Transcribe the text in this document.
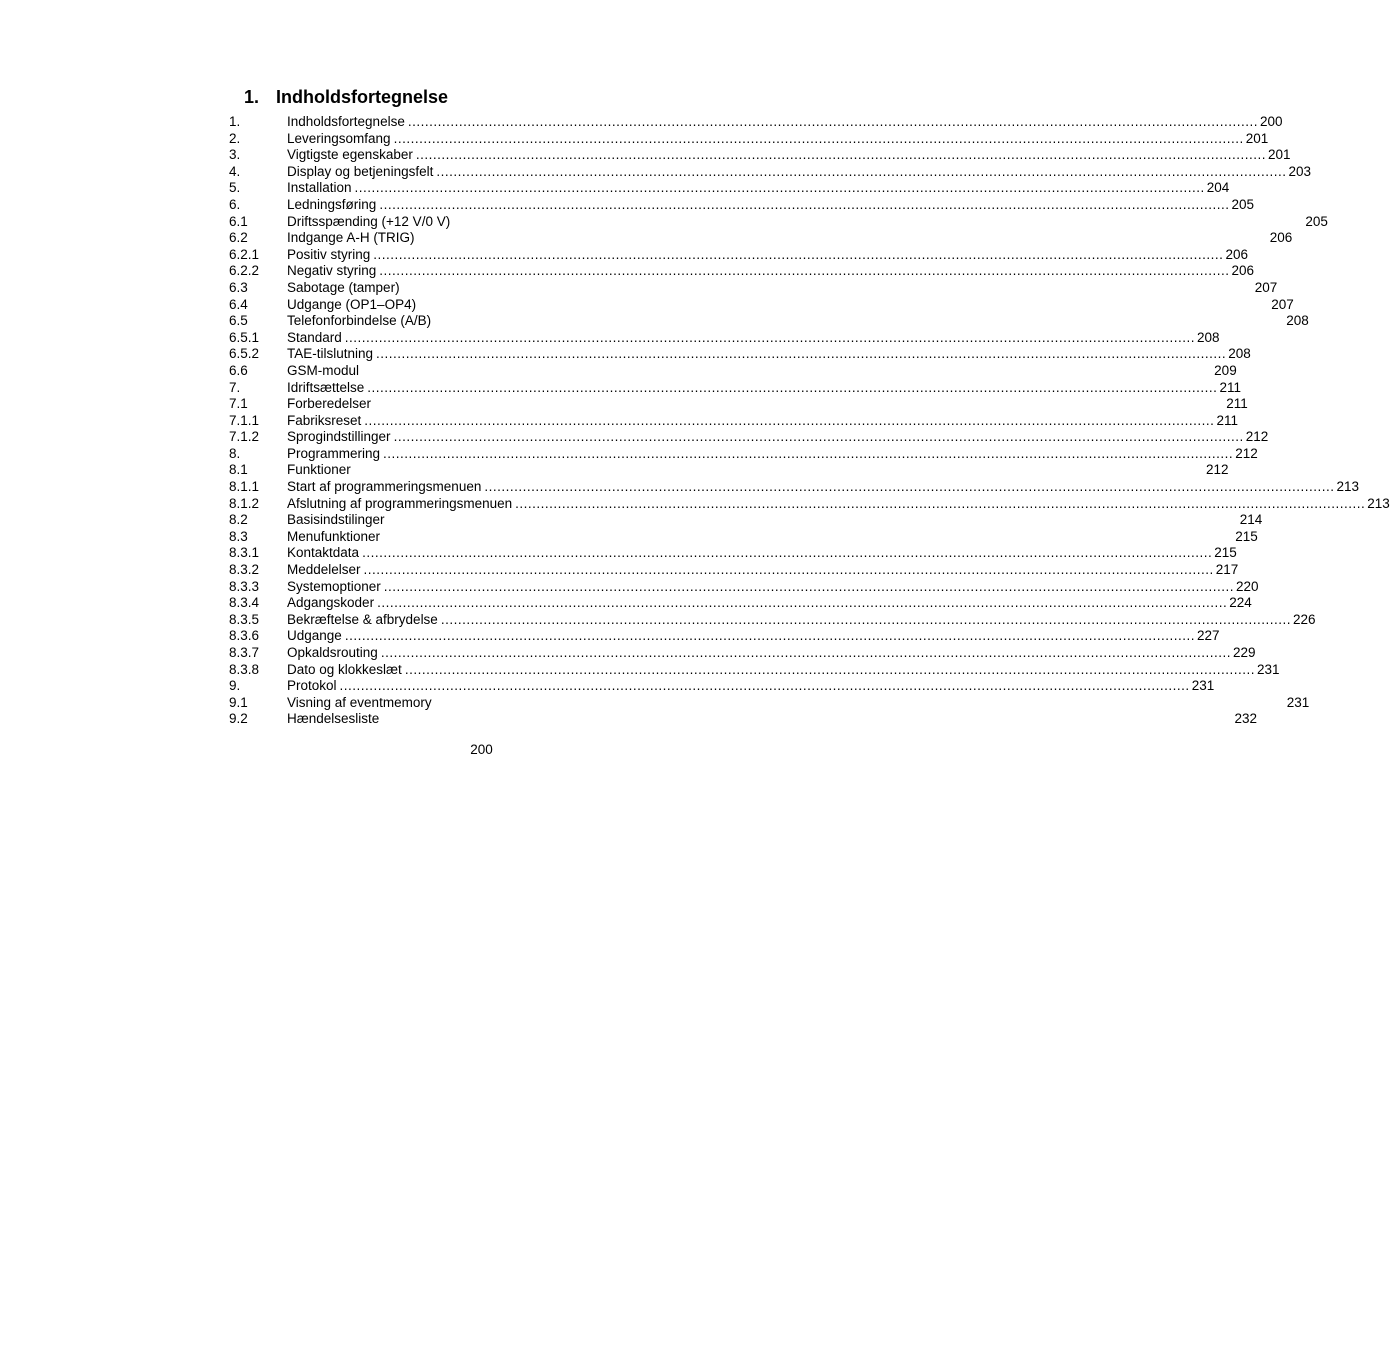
1. Indholdsfortegnelse
1.	Indholdsfortegnelse ........................................................................................................................................................................................................ 200
2.	Leveringsomfang ........................................................................................................................................................................................................ 201
3.	Vigtigste egenskaber ........................................................................................................................................................................................................ 201
4.	Display og betjeningsfelt ........................................................................................................................................................................................................ 203
5.	Installation ........................................................................................................................................................................................................ 204
6.	Ledningsføring ........................................................................................................................................................................................................ 205
6.1	Driftsspænding (+12 V/0 V)	205
6.2	Indgange A-H (TRIG)	206
6.2.1	Positiv styring ........................................................................................................................................................................................................ 206
6.2.2	Negativ styring ........................................................................................................................................................................................................ 206
6.3	Sabotage (tamper)	207
6.4	Udgange (OP1–OP4)	207
6.5	Telefonforbindelse (A/B)	208
6.5.1	Standard ........................................................................................................................................................................................................ 208
6.5.2	TAE-tilslutning ........................................................................................................................................................................................................ 208
6.6	GSM-modul	209
7.	Idriftsættelse ........................................................................................................................................................................................................ 211
7.1	Forberedelser	211
7.1.1	Fabriksreset ........................................................................................................................................................................................................ 211
7.1.2	Sprogindstillinger ........................................................................................................................................................................................................ 212
8.	Programmering ........................................................................................................................................................................................................ 212
8.1	Funktioner	212
8.1.1	Start af programmeringsmenuen ........................................................................................................................................................................................................ 213
8.1.2	Afslutning af programmeringsmenuen ........................................................................................................................................................................................................ 213
8.2	Basisindstilinger	214
8.3	Menufunktioner	215
8.3.1	Kontaktdata ........................................................................................................................................................................................................ 215
8.3.2	Meddelelser ........................................................................................................................................................................................................ 217
8.3.3	Systemoptioner ........................................................................................................................................................................................................ 220
8.3.4	Adgangskoder ........................................................................................................................................................................................................ 224
8.3.5	Bekræftelse & afbrydelse ........................................................................................................................................................................................................ 226
8.3.6	Udgange ........................................................................................................................................................................................................ 227
8.3.7	Opkaldsrouting ........................................................................................................................................................................................................ 229
8.3.8	Dato og klokkeslæt ........................................................................................................................................................................................................ 231
9.	Protokol ........................................................................................................................................................................................................ 231
9.1	Visning af eventmemory	231
9.2	Hændelsesliste	232
200
